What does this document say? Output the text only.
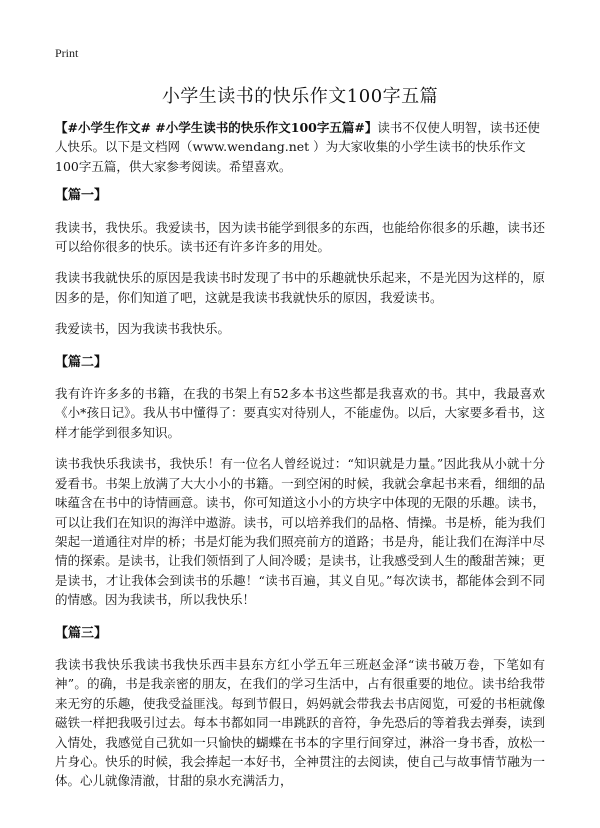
Print
小学生读书的快乐作文100字五篇

【#小学生作文# #小学生读书的快乐作文100字五篇#】读书不仅使人明智，读书还使人快乐。以下是文档网（www.wendang.net ）为大家收集的小学生读书的快乐作文100字五篇，供大家参考阅读。希望喜欢。

【篇一】

我读书，我快乐。我爱读书，因为读书能学到很多的东西，也能给你很多的乐趣，读书还可以给你很多的快乐。读书还有许多许多的用处。

我读书我就快乐的原因是我读书时发现了书中的乐趣就快乐起来，不是光因为这样的，原因多的是，你们知道了吧，这就是我读书我就快乐的原因，我爱读书。

我爱读书，因为我读书我快乐。

【篇二】

我有许许多多的书籍，在我的书架上有52多本书这些都是我喜欢的书。其中，我最喜欢《小*孩日记》。我从书中懂得了：要真实对待别人，不能虚伪。以后，大家要多看书，这样才能学到很多知识。

读书我快乐我读书，我快乐！有一位名人曾经说过：“知识就是力量。”因此我从小就十分爱看书。书架上放满了大大小小的书籍。一到空闲的时候，我就会拿起书来看，细细的品味蕴含在书中的诗情画意。读书，你可知道这小小的方块字中体现的无限的乐趣。读书，可以让我们在知识的海洋中遨游。读书，可以培养我们的品格、情操。书是桥，能为我们架起一道通往对岸的桥；书是灯能为我们照亮前方的道路；书是舟，能让我们在海洋中尽情的探索。是读书，让我们领悟到了人间冷暖；是读书，让我感受到人生的酸甜苦辣；更是读书，才让我体会到读书的乐趣！“读书百遍，其义自见。”每次读书，都能体会到不同的情感。因为我读书，所以我快乐！

【篇三】

我读书我快乐我读书我快乐西丰县东方红小学五年三班赵金泽“读书破万卷，下笔如有神”。的确，书是我亲密的朋友，在我们的学习生活中，占有很重要的地位。读书给我带来无穷的乐趣，使我受益匪浅。每到节假日，妈妈就会带我去书店阅览，可爱的书柜就像磁铁一样把我吸引过去。每本书都如同一串跳跃的音符，争先恐后的等着我去弹奏，读到入情处，我感觉自己犹如一只愉快的蝴蝶在书本的字里行间穿过，淋浴一身书香，放松一片身心。快乐的时候，我会捧起一本好书，全神贯注的去阅读，使自己与故事情节融为一体。心儿就像清澈，甘甜的泉水充满活力，
